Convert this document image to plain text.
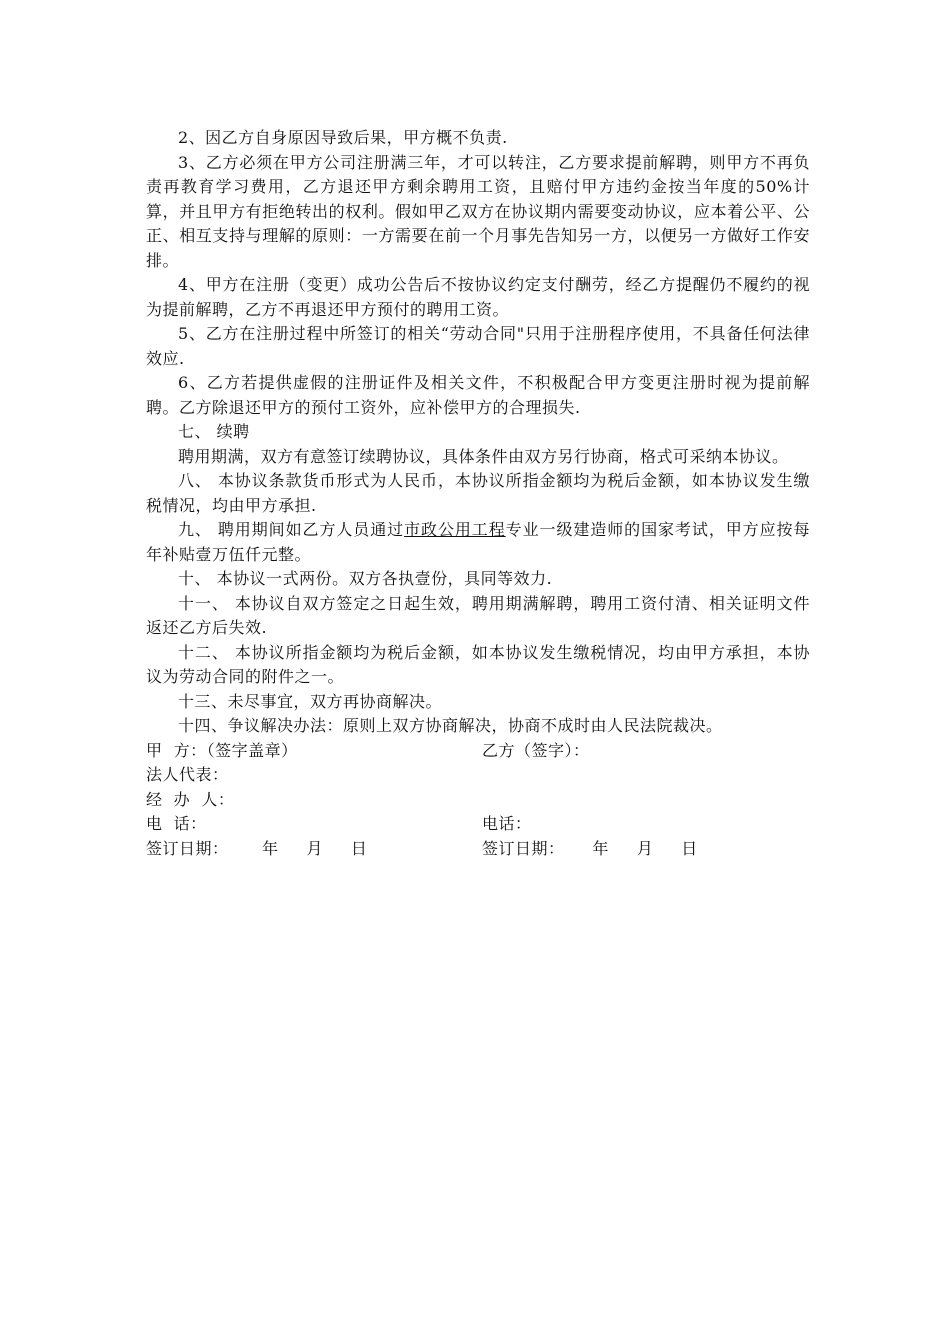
2、因乙方自身原因导致后果，甲方概不负责.

3、乙方必须在甲方公司注册满三年，才可以转注，乙方要求提前解聘，则甲方不再负责再教育学习费用，乙方退还甲方剩余聘用工资，且赔付甲方违约金按当年度的50%计算，并且甲方有拒绝转出的权利。假如甲乙双方在协议期内需要变动协议，应本着公平、公正、相互支持与理解的原则：一方需要在前一个月事先告知另一方，以便另一方做好工作安排。

4、甲方在注册（变更）成功公告后不按协议约定支付酬劳，经乙方提醒仍不履约的视为提前解聘，乙方不再退还甲方预付的聘用工资。

5、乙方在注册过程中所签订的相关“劳动合同"只用于注册程序使用，不具备任何法律效应.

6、乙方若提供虚假的注册证件及相关文件，不积极配合甲方变更注册时视为提前解聘。乙方除退还甲方的预付工资外，应补偿甲方的合理损失.

七、 续聘

聘用期满，双方有意签订续聘协议，具体条件由双方另行协商，格式可采纳本协议。

八、 本协议条款货币形式为人民币，本协议所指金额均为税后金额，如本协议发生缴税情况，均由甲方承担.

九、 聘用期间如乙方人员通过市政公用工程专业一级建造师的国家考试，甲方应按每年补贴壹万伍仟元整。

十、 本协议一式两份。双方各执壹份，具同等效力.

十一、 本协议自双方签定之日起生效，聘用期满解聘，聘用工资付清、相关证明文件返还乙方后失效.

十二、 本协议所指金额均为税后金额，如本协议发生缴税情况，均由甲方承担，本协议为劳动合同的附件之一。

十三、未尽事宜，双方再协商解决。

十四、争议解决办法：原则上双方协商解决，协商不成时由人民法院裁决。

甲  方：（签字盖章）	乙方（签字）：
法人代表：
经  办  人：
电  话：	电话：
签订日期：      年     月     日	签订日期：     年     月     日
